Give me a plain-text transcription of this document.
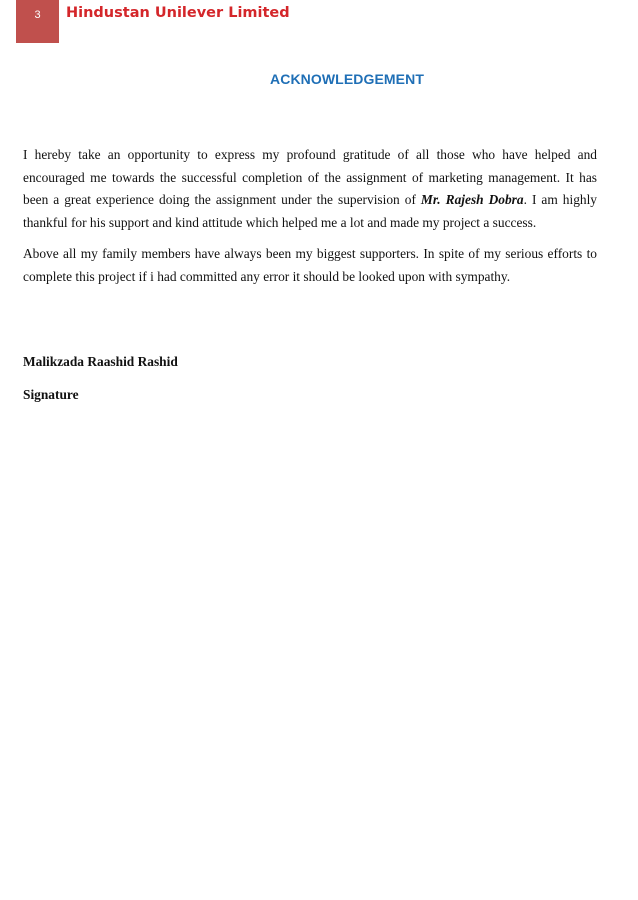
3 Hindustan Unilever Limited
ACKNOWLEDGEMENT

I hereby take an opportunity to express my profound gratitude of all those who have helped and encouraged me towards the successful completion of the assignment of marketing management. It has been a great experience doing the assignment under the supervision of Mr. Rajesh Dobra. I am highly thankful for his support and kind attitude which helped me a lot and made my project a success.

Above all my family members have always been my biggest supporters. In spite of my serious efforts to complete this project if i had committed any error it should be looked upon with sympathy.

Malikzada Raashid Rashid
Signature
